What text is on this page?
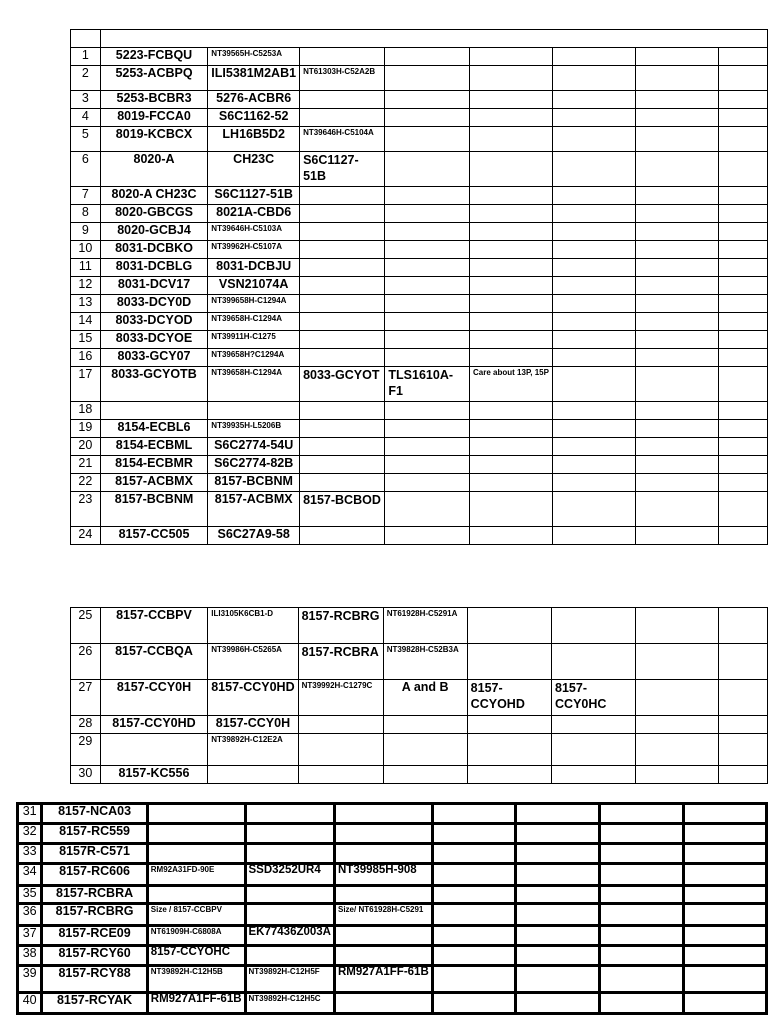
1	5223-FCBQU	NT39565H-C5253A						
2	5253-ACBPQ	ILI5381M2AB1	NT61303H-C52A2B					
3	5253-BCBR3	5276-ACBR6						
4	8019-FCCA0	S6C1162-52						
5	8019-KCBCX	LH16B5D2	NT39646H-C5104A					
6	8020-A	CH23C	S6C1127-51B					
7	8020-A CH23C	S6C1127-51B						
8	8020-GBCGS	8021A-CBD6						
9	8020-GCBJ4	NT39646H-C5103A						
10	8031-DCBKO	NT39962H-C5107A						
11	8031-DCBLG	8031-DCBJU						
12	8031-DCV17	VSN21074A						
13	8033-DCY0D	NT399658H-C1294A						
14	8033-DCYOD	NT39658H-C1294A						
15	8033-DCYOE	NT39911H-C1275						
16	8033-GCY07	NT39658H?C1294A						
17	8033-GCYOTB	NT39658H-C1294A	8033-GCYOT	TLS1610A-F1	Care about 13P, 15P			
18								
19	8154-ECBL6	NT39935H-L5206B						
20	8154-ECBML	S6C2774-54U						
21	8154-ECBMR	S6C2774-82B						
22	8157-ACBMX	8157-BCBNM						
23	8157-BCBNM	8157-ACBMX	8157-BCBOD					
24	8157-CC505	S6C27A9-58						
25	8157-CCBPV	ILI3105K6CB1-D	8157-RCBRG	NT61928H-C5291A				
26	8157-CCBQA	NT39986H-C5265A	8157-RCBRA	NT39828H-C52B3A				
27	8157-CCY0H	8157-CCY0HD	NT39992H-C1279C	A and B	8157-CCYOHD	8157-CCY0HC		
28	8157-CCY0HD	8157-CCY0H						
29		NT39892H-C12E2A						
30	8157-KC556							
31	8157-NCA03							
32	8157-RC559							
33	8157R-C571							
34	8157-RC606	RM92A31FD-90E	SSD3252UR4	NT39985H-908				
35	8157-RCBRA							
36	8157-RCBRG	Size / 8157-CCBPV		Size/ NT61928H-C5291				
37	8157-RCE09	NT61909H-C6808A	EK77436Z003A					
38	8157-RCY60	8157-CCYOHC						
39	8157-RCY88	NT39892H-C12H5B	NT39892H-C12H5F	RM927A1FF-61B				
40	8157-RCYAK	RM927A1FF-61B	NT39892H-C12H5C					
